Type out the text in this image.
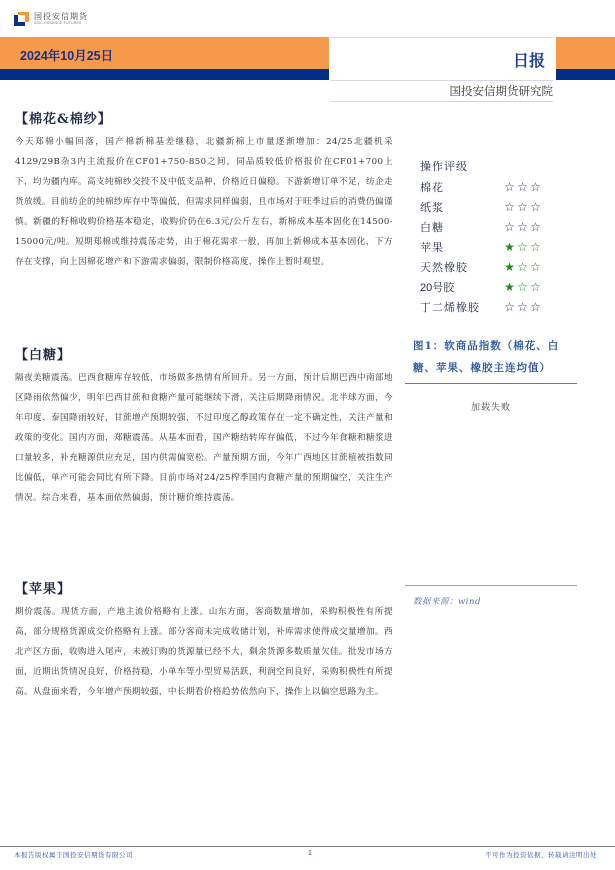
国投安信期货
SDIC ESSENCE FUTURES
2024年10月25日	日报
国投安信期货研究院
【棉花&棉纱】
今天郑棉小幅回落，国产棉新棉基差继稳，北疆新棉上市量逐渐增加：24/25北疆机采4129/29B杂3内主流报价在CF01+750-850之间，同品质较低价格报价在CF01+700上下，均为疆内库。高支纯棉纱交投不及中低支品种，价格近日偏稳。下游新增订单不足，纺企走货放缓。目前纺企的纯棉纱库存中等偏低，但需求同样偏弱，且市场对于旺季过后的消费仍偏谨慎。新疆的籽棉收购价格基本稳定，收购价仍在6.3元/公斤左右，新棉成本基本固化在14500-15000元/吨。短期郑棉或维持震荡走势，由于棉花需求一般，再加上新棉成本基本固化，下方存在支撑，向上因棉花增产和下游需求偏弱，限制价格高度，操作上暂时观望。
【白糖】
隔夜美糖震荡。巴西食糖库存较低，市场做多热情有所回升。另一方面，预计后期巴西中南部地区降雨依然偏少，明年巴西甘蔗和食糖产量可能继续下滑，关注后期降雨情况。北半球方面，今年印度、泰国降雨较好，甘蔗增产预期较强，不过印度乙醇政策存在一定不确定性，关注产量和政策的变化。国内方面，郑糖震荡。从基本面看，国产糖结转库存偏低，不过今年食糖和糖浆进口量较多，补充糖源供应充足，国内供需偏宽松。产量预期方面，今年广西地区甘蔗植被指数同比偏低，单产可能会同比有所下降。目前市场对24/25榨季国内食糖产量的预期偏空，关注生产情况。综合来看，基本面依然偏弱，预计糖价维持震荡。
【苹果】
期价震荡。现货方面，产地主流价格略有上涨。山东方面，客商数量增加，采购积极性有所提高，部分规格货源成交价格略有上涨。部分客商未完成收储计划，补库需求使得成交量增加。西北产区方面，收购进入尾声，未被订购的货源量已经不大，剩余货源多数质量欠佳。批发市场方面，近期出货情况良好，价格持稳，小单车等小型贸易活跃，利润空间良好，采购积极性有所提高。从盘面来看，今年增产预期较强，中长期看价格趋势依然向下，操作上以偏空思路为主。
操作评级
棉花	☆ ☆ ☆
纸浆	☆ ☆ ☆
白糖	☆ ☆ ☆
苹果	★ ☆ ☆
天然橡胶	★ ☆ ☆
20号胶	★ ☆ ☆
丁二烯橡胶	☆ ☆ ☆
图1：软商品指数（棉花、白糖、苹果、橡胶主连均值）
加载失败
数据来源：wind
本报告版权属于国投安信期货有限公司	1	不可作为投资依据，转载请注明出处
